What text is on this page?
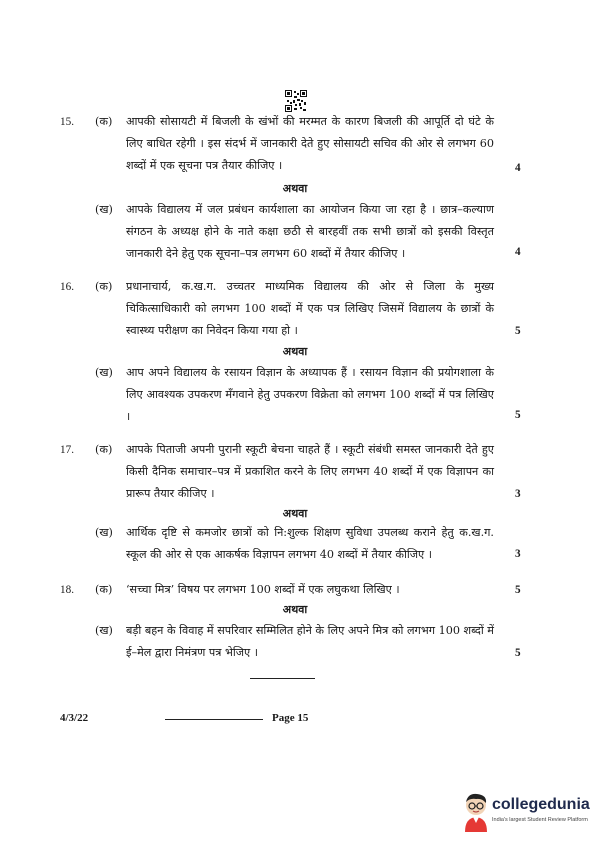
15. (क) आपकी सोसायटी में बिजली के खंभों की मरम्मत के कारण बिजली की आपूर्ति दो घंटे के लिए बाधित रहेगी । इस संदर्भ में जानकारी देते हुए सोसायटी सचिव की ओर से लगभग 60 शब्दों में एक सूचना पत्र तैयार कीजिए ।	4
अथवा
(ख) आपके विद्यालय में जल प्रबंधन कार्यशाला का आयोजन किया जा रहा है । छात्र–कल्याण संगठन के अध्यक्ष होने के नाते कक्षा छठी से बारहवीं तक सभी छात्रों को इसकी विस्तृत जानकारी देने हेतु एक सूचना–पत्र लगभग 60 शब्दों में तैयार कीजिए ।	4
16. (क) प्रधानाचार्य, क.ख.ग. उच्चतर माध्यमिक विद्यालय की ओर से जिला के मुख्य चिकित्साधिकारी को लगभग 100 शब्दों में एक पत्र लिखिए जिसमें विद्यालय के छात्रों के स्वास्थ्य परीक्षण का निवेदन किया गया हो ।	5
अथवा
(ख) आप अपने विद्यालय के रसायन विज्ञान के अध्यापक हैं । रसायन विज्ञान की प्रयोगशाला के लिए आवश्यक उपकरण मँगवाने हेतु उपकरण विक्रेता को लगभग 100 शब्दों में पत्र लिखिए ।	5
17. (क) आपके पिताजी अपनी पुरानी स्कूटी बेचना चाहते हैं । स्कूटी संबंधी समस्त जानकारी देते हुए किसी दैनिक समाचार–पत्र में प्रकाशित करने के लिए लगभग 40 शब्दों में एक विज्ञापन का प्रारूप तैयार कीजिए ।	3
अथवा
(ख) आर्थिक दृष्टि से कमजोर छात्रों को नि:शुल्क शिक्षण सुविधा उपलब्ध कराने हेतु क.ख.ग. स्कूल की ओर से एक आकर्षक विज्ञापन लगभग 40 शब्दों में तैयार कीजिए ।	3
18. (क) ‘सच्चा मित्र’ विषय पर लगभग 100 शब्दों में एक लघुकथा लिखिए ।	5
अथवा
(ख) बड़ी बहन के विवाह में सपरिवार सम्मिलित होने के लिए अपने मित्र को लगभग 100 शब्दों में ई–मेल द्वारा निमंत्रण पत्र भेजिए ।	5
4/3/22	Page 15
collegedunia
India's largest Student Review Platform
